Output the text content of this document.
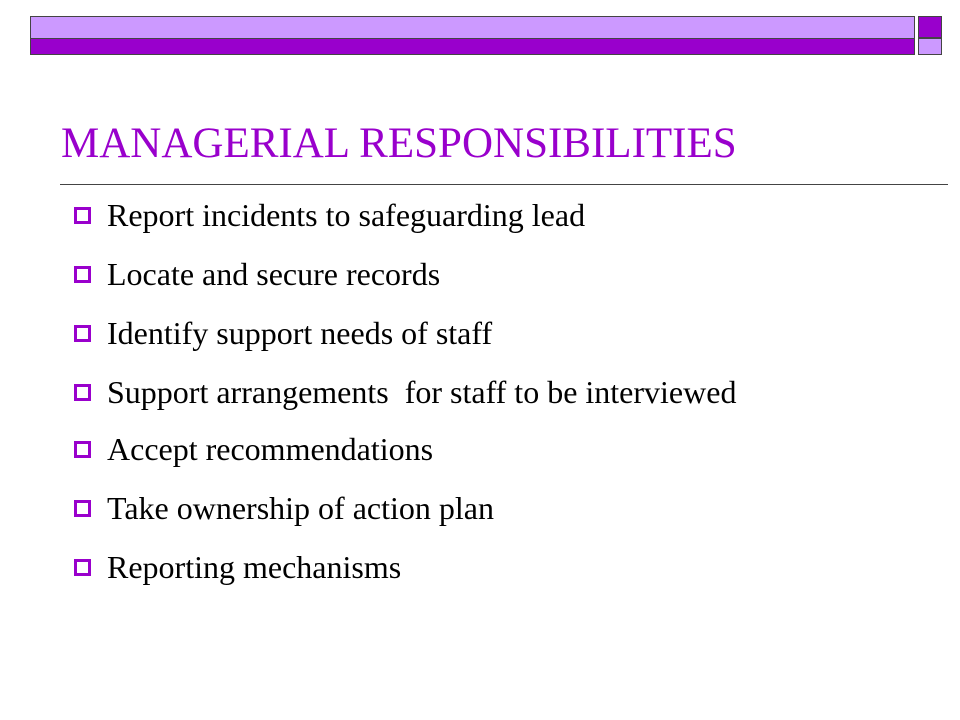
MANAGERIAL RESPONSIBILITIES
Report incidents to safeguarding lead
Locate and secure records
Identify support needs of staff
Support arrangements  for staff to be interviewed
Accept recommendations
Take ownership of action plan
Reporting mechanisms
